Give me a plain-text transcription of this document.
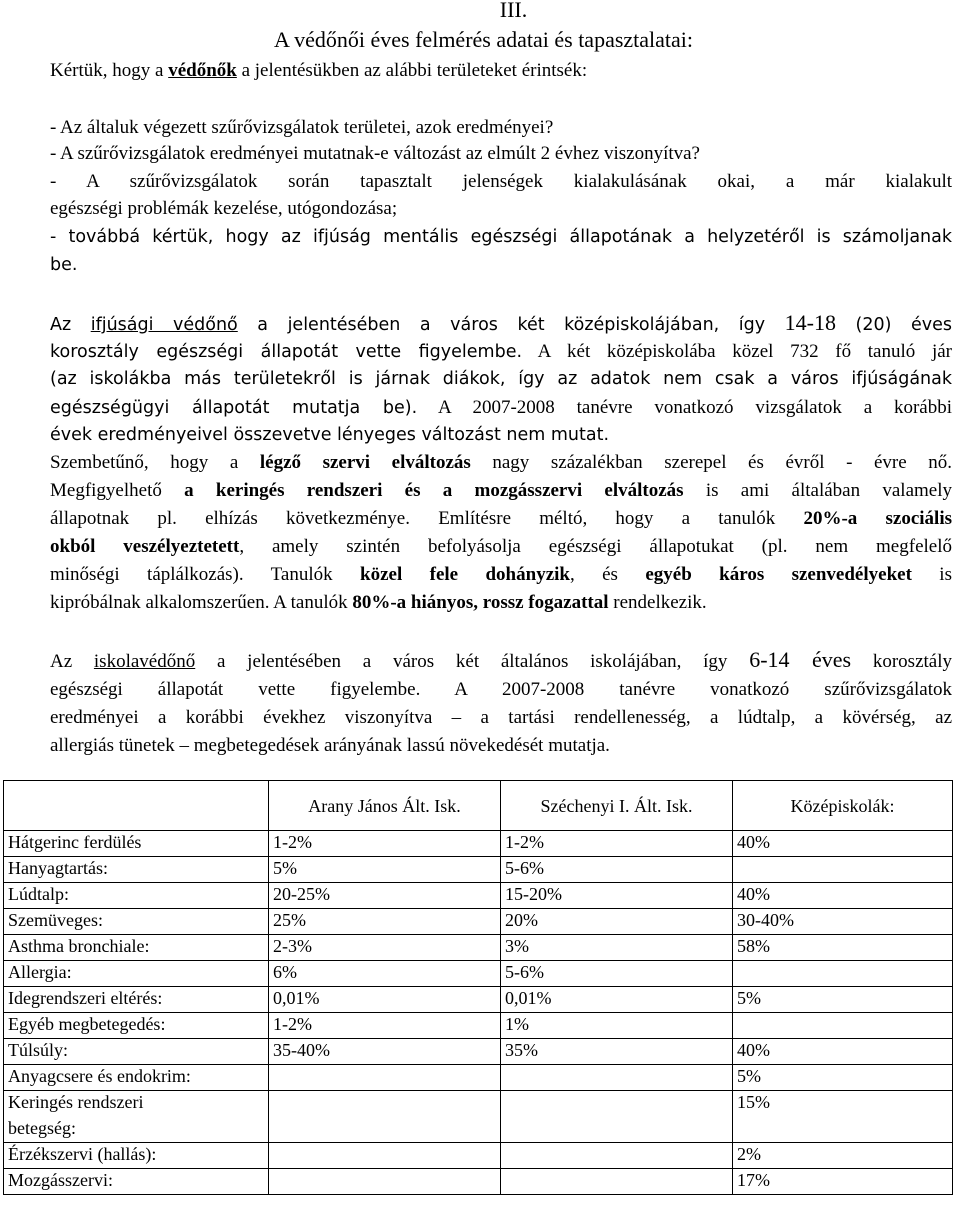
III.
A védőnői éves felmérés adatai és tapasztalatai:
Kértük, hogy a védőnők a jelentésükben az alábbi területeket érintsék:
- Az általuk végezett szűrővizsgálatok területei, azok eredményei?
- A szűrővizsgálatok eredményei mutatnak-e változást az elmúlt 2 évhez viszonyítva?
- A szűrővizsgálatok során tapasztalt jelenségek kialakulásának okai, a már kialakult
egészségi problémák kezelése, utógondozása;
- továbbá kértük, hogy az ifjúság mentális egészségi állapotának a helyzetéről is számoljanak
be.
Az ifjúsági védőnő a jelentésében a város két középiskolájában, így 14-18 (20) éves
korosztály egészségi állapotát vette figyelembe. A két középiskolába közel 732 fő tanuló jár
(az iskolákba más területekről is járnak diákok, így az adatok nem csak a város ifjúságának
egészségügyi állapotát mutatja be). A 2007-2008 tanévre vonatkozó vizsgálatok a korábbi
évek eredményeivel összevetve lényeges változást nem mutat.
Szembetűnő, hogy a légző szervi elváltozás nagy százalékban szerepel és évről - évre nő.
Megfigyelhető a keringés rendszeri és a mozgásszervi elváltozás is ami általában valamely
állapotnak pl. elhízás következménye. Említésre méltó, hogy a tanulók 20%-a szociális
okból veszélyeztetett, amely szintén befolyásolja egészségi állapotukat (pl. nem megfelelő
minőségi táplálkozás). Tanulók közel fele dohányzik, és egyéb káros szenvedélyeket is
kipróbálnak alkalomszerűen. A tanulók 80%-a hiányos, rossz fogazattal rendelkezik.
Az iskolavédőnő a jelentésében a város két általános iskolájában, így 6-14 éves korosztály
egészségi állapotát vette figyelembe. A 2007-2008 tanévre vonatkozó szűrővizsgálatok
eredményei a korábbi évekhez viszonyítva – a tartási rendellenesség, a lúdtalp, a kövérség, az
allergiás tünetek – megbetegedések arányának lassú növekedését mutatja.
	Arany János Ált. Isk.	Széchenyi I. Ált. Isk.	Középiskolák:
Hátgerinc ferdülés	1-2%	1-2%	40%
Hanyagtartás:	5%	5-6%	
Lúdtalp:	20-25%	15-20%	40%
Szemüveges:	25%	20%	30-40%
Asthma bronchiale:	2-3%	3%	58%
Allergia:	6%	5-6%	
Idegrendszeri eltérés:	0,01%	0,01%	5%
Egyéb megbetegedés:	1-2%	1%	
Túlsúly:	35-40%	35%	40%
Anyagcsere és endokrim:			5%
Keringés rendszeri			15%
betegség:			
Érzékszervi (hallás):			2%
Mozgásszervi:			17%
